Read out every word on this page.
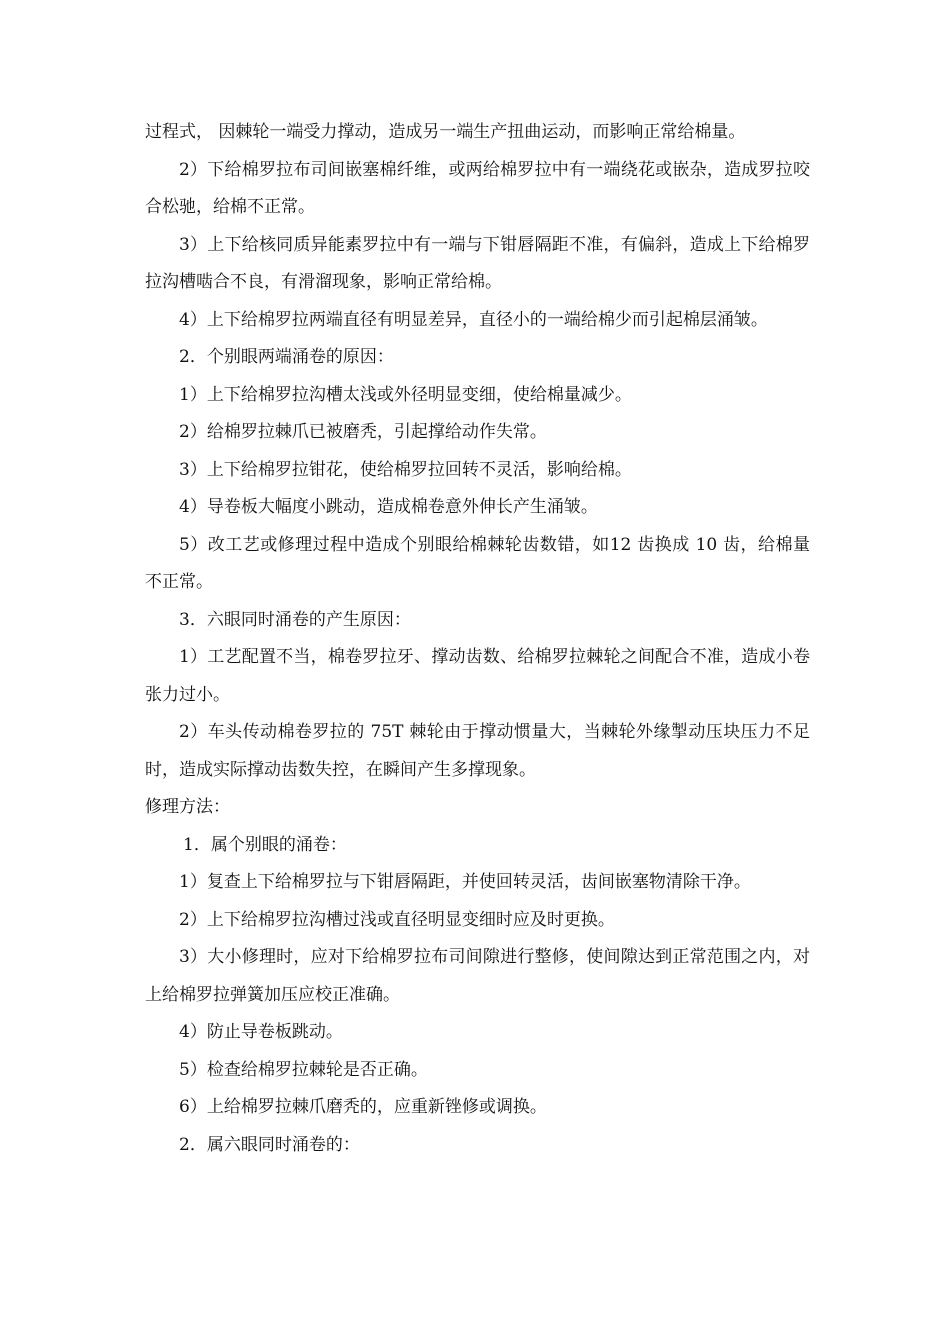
过程式， 因棘轮一端受力撑动，造成另一端生产扭曲运动，而影响正常给棉量。

2）下给棉罗拉布司间嵌塞棉纤维，或两给棉罗拉中有一端绕花或嵌杂，造成罗拉咬合松驰，给棉不正常。

3）上下给核同质异能素罗拉中有一端与下钳唇隔距不准，有偏斜，造成上下给棉罗拉沟槽啮合不良，有滑溜现象，影响正常给棉。

4）上下给棉罗拉两端直径有明显差异，直径小的一端给棉少而引起棉层涌皱。

2．个别眼两端涌卷的原因：

1）上下给棉罗拉沟槽太浅或外径明显变细，使给棉量减少。

2）给棉罗拉棘爪已被磨秃，引起撑给动作失常。

3）上下给棉罗拉钳花，使给棉罗拉回转不灵活，影响给棉。

4）导卷板大幅度小跳动，造成棉卷意外伸长产生涌皱。

5）改工艺或修理过程中造成个别眼给棉棘轮齿数错，如12 齿换成 10 齿，给棉量不正常。

3．六眼同时涌卷的产生原因：

1）工艺配置不当，棉卷罗拉牙、撑动齿数、给棉罗拉棘轮之间配合不准，造成小卷张力过小。

2）车头传动棉卷罗拉的 75T 棘轮由于撑动惯量大，当棘轮外缘掣动压块压力不足时，造成实际撑动齿数失控，在瞬间产生多撑现象。

修理方法：

1．属个别眼的涌卷：

1）复查上下给棉罗拉与下钳唇隔距，并使回转灵活，齿间嵌塞物清除干净。

2）上下给棉罗拉沟槽过浅或直径明显变细时应及时更换。

3）大小修理时，应对下给棉罗拉布司间隙进行整修，使间隙达到正常范围之内，对上给棉罗拉弹簧加压应校正准确。

4）防止导卷板跳动。

5）检查给棉罗拉棘轮是否正确。

6）上给棉罗拉棘爪磨秃的，应重新锉修或调换。

2．属六眼同时涌卷的：
